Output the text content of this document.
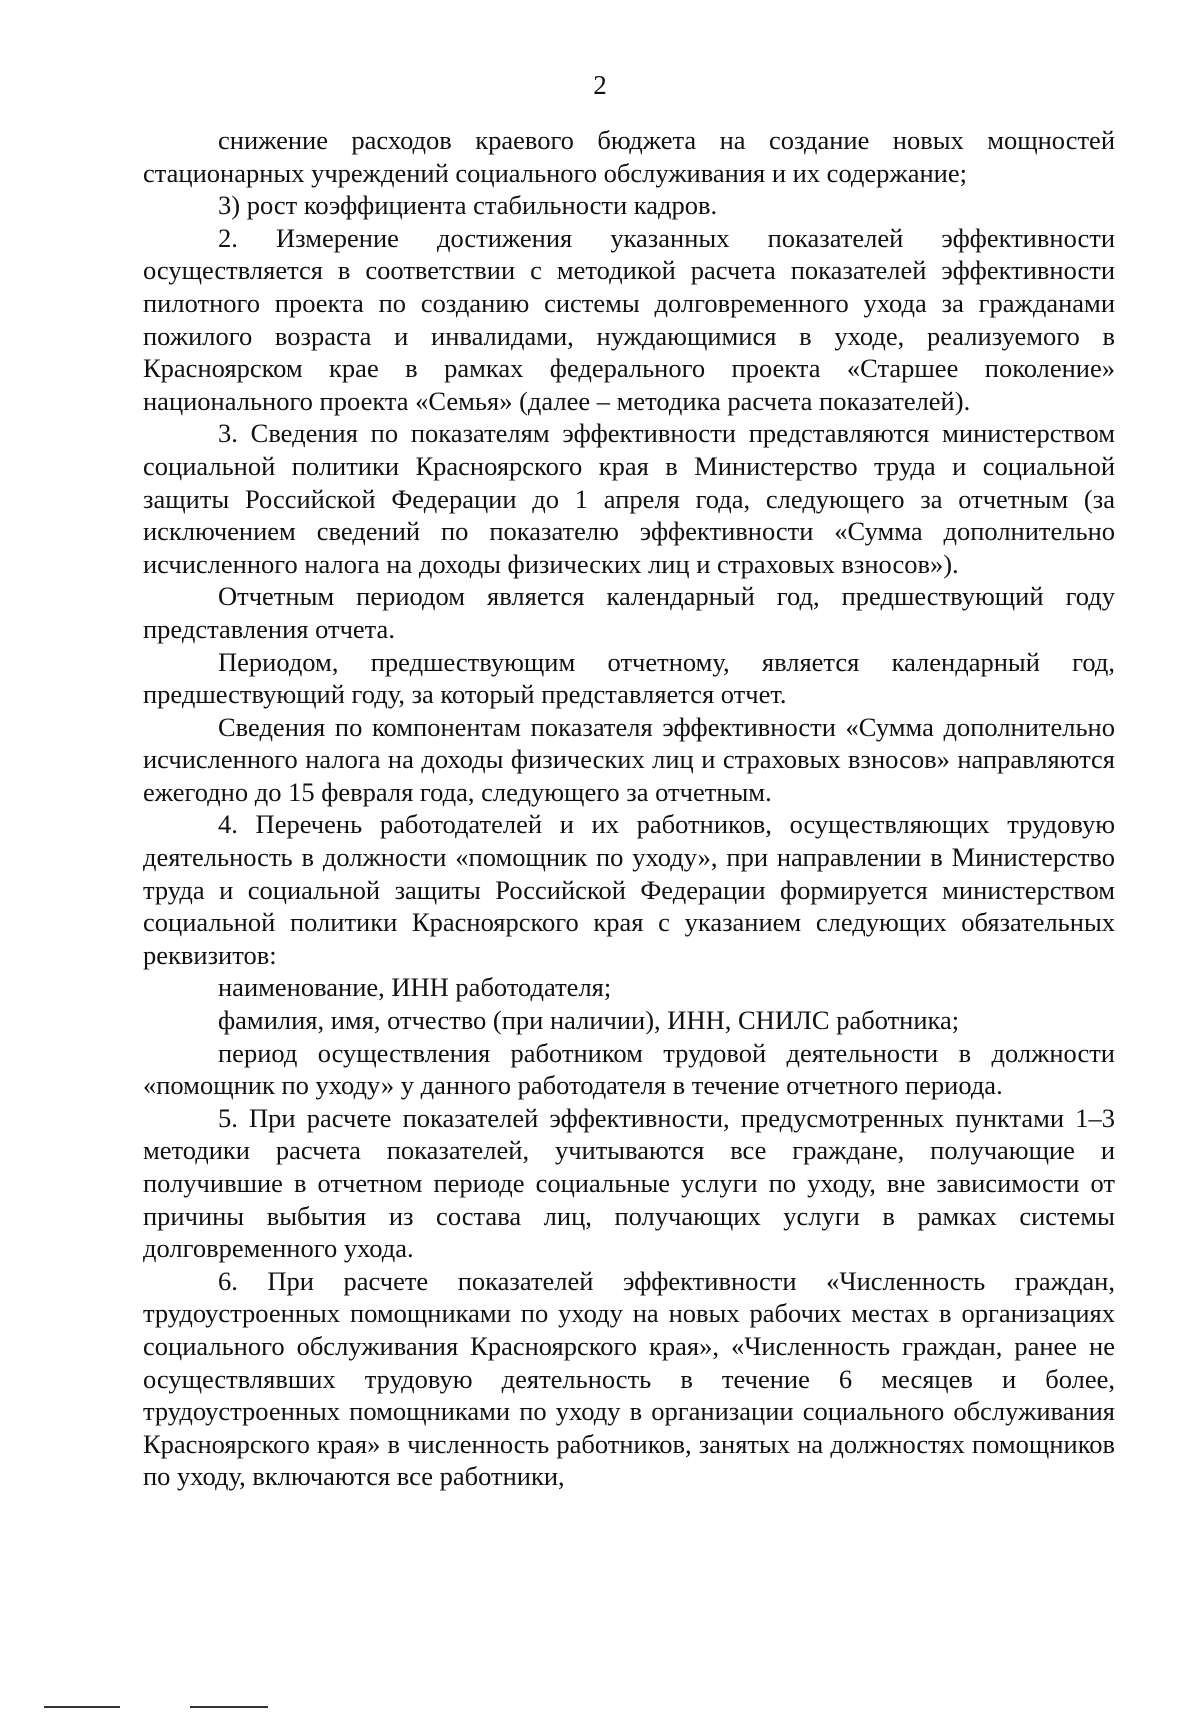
2

снижение расходов краевого бюджета на создание новых мощностей стационарных учреждений социального обслуживания и их содержание;

3) рост коэффициента стабильности кадров.

2. Измерение достижения указанных показателей эффективности осуществляется в соответствии с методикой расчета показателей эффективности пилотного проекта по созданию системы долговременного ухода за гражданами пожилого возраста и инвалидами, нуждающимися в уходе, реализуемого в Красноярском крае в рамках федерального проекта «Старшее поколение» национального проекта «Семья» (далее – методика расчета показателей).

3. Сведения по показателям эффективности представляются министерством социальной политики Красноярского края в Министерство труда и социальной защиты Российской Федерации до 1 апреля года, следующего за отчетным (за исключением сведений по показателю эффективности «Сумма дополнительно исчисленного налога на доходы физических лиц и страховых взносов»).

Отчетным периодом является календарный год, предшествующий году представления отчета.

Периодом, предшествующим отчетному, является календарный год, предшествующий году, за который представляется отчет.

Сведения по компонентам показателя эффективности «Сумма дополнительно исчисленного налога на доходы физических лиц и страховых взносов» направляются ежегодно до 15 февраля года, следующего за отчетным.

4. Перечень работодателей и их работников, осуществляющих трудовую деятельность в должности «помощник по уходу», при направлении в Министерство труда и социальной защиты Российской Федерации формируется министерством социальной политики Красноярского края с указанием следующих обязательных реквизитов:

наименование, ИНН работодателя;

фамилия, имя, отчество (при наличии), ИНН, СНИЛС работника;

период осуществления работником трудовой деятельности в должности «помощник по уходу» у данного работодателя в течение отчетного периода.

5. При расчете показателей эффективности, предусмотренных пунктами 1–3 методики расчета показателей, учитываются все граждане, получающие и получившие в отчетном периоде социальные услуги по уходу, вне зависимости от причины выбытия из состава лиц, получающих услуги в рамках системы долговременного ухода.

6. При расчете показателей эффективности «Численность граждан, трудоустроенных помощниками по уходу на новых рабочих местах в организациях социального обслуживания Красноярского края», «Численность граждан, ранее не осуществлявших трудовую деятельность в течение 6 месяцев и более, трудоустроенных помощниками по уходу в организации социального обслуживания Красноярского края» в численность работников, занятых на должностях помощников по уходу, включаются все работники,
